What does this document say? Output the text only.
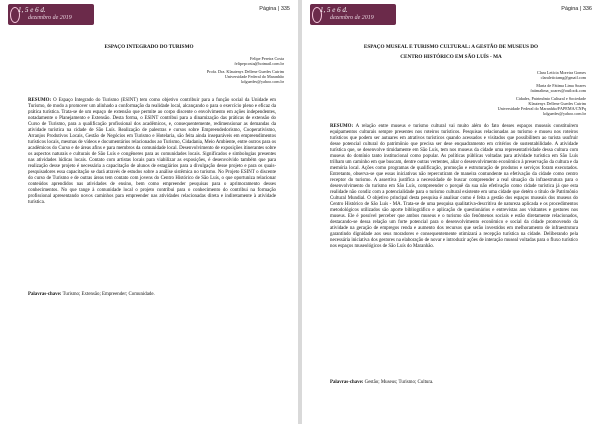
1, 5 e 6 d.
dezembro de 2019
Página | 335
ESPAÇO INTEGRADO DO TURISMO
Felipe Pereira Costa
felipepcosta@hotmail.com.br
Profa. Dra. Klautenys Dellene Guedes Cutrim
Universidade Federal do Maranhão
kdguedes@yahoo.com.br
RESUMO: O Espaço Integrado do Turismo (ESINT) tem como objetivo contribuir para a função social da Unidade em Turismo, de modo a promover um alinhado a conformação da realidade local, alcançando o para o exercício pleno e eficaz da prática turística. Trata-se de um espaço de extensão que permite ao corpo discente o envolvimento em ações independentes, notadamente o Planejamento e Extensão. Desta forma, o ESINT contribui para a dinamização das práticas de extensão do Curso de Turismo, para a qualificação profissional dos acadêmicos, e, consequentemente, redimensionar as demandas da atividade turística na cidade de São Luís. Realização de palestras e cursos sobre Empreendedorismo, Cooperativismo, Arranjos Produtivos Locais, Gestão de Negócios em Turismo e Hotelaria, são feita ainda inseparáveis em empreendimentos turísticos locais, mesmas de vídeos e documentários relacionados ao Turismo, Cidadania, Meio Ambiente, entre outros para os acadêmicos do Curso e de áreas afins e para membros da comunidade local. Desenvolvimento de exposições itinerantes sobre os aspectos naturais e culturais de São Luís e congêneres para as comunidades locais. Significados e simbologias presentes nas atividades lúdicas locais. Contato com artistas locais para viabilizar as exposições, é desenvolvido também que para realização desse projeto é necessária a capacitação de alunos de estagiários para a divulgação desse projeto e para os quais-pesquisadores essa capacitação se dará através de estudos sobre a análise sistêmica no turismo. No Projeto ESINT o discente do curso de Turismo e de outras áreas tem contato com jovens do Centro Histórico de São Luís, o que oportuniza relacionar conteúdos aprendidos nas atividades de ensino, bem como empreender pesquisas para o aprimoramento desses conhecimentos. No que tange à comunidade local o projeto contribui para o conhecimento do contribui na formação profissional apresentando novos caminhos para empreender nas atividades relacionadas direta e indiretamente à atividade turística.
Palavras-chave: Turismo; Extensão; Empreender; Comunidade.
1, 5 e 6 d.
dezembro de 2019
Página | 336
ESPAÇO MUSEAL E TURISMO CULTURAL: A GESTÃO DE MUSEUS DO
CENTRO HISTÓRICO EM SÃO LUÍS - MA
Clara Letícia Moreira Gomes
claraleticiamg@gmail.com
Maria de Fátima Lima Soares
fatimalima_soares@outlook.com
Cidades, Patrimônio Cultural e Sociedade
Klautenys Dellene Guedes Cutrim
Universidade Federal do Maranhão/FAPEMA/CNPq
kdguedes@yahoo.com.br
RESUMO: A relação entre museus e turismo cultural vai muito além do fato desses espaços museais constituírem equipamentos culturais sempre presentes nos roteiros turísticos. Pesquisas relacionadas ao turismo e museu nos roteiros turísticos que podem ser autuares em atrativos turísticos quando acessados e visitados que possibilitem ao turista usufruir desse potencial cultural do patrimônio que precisa ser dese enquadramento em critérios de sustentabilidade. A atividade turística que, se desenvolve timidamente em São Luís, tem nos museus da cidade uma representatividade dessa cultura com museus do domínio tanto institucional como popular. As políticas públicas voltadas para atividade turística em São Luís trilham um caminho em que buscam, dentre outras vertentes, aliar o desenvolvimento econômico à preservação da cultura e da memória local. Ações como programas de qualificação, promoção e estruturação de produtos e serviços foram executados. Entretanto, observa-se que essas iniciativas não repercutiram de maneira contundente na efetivação da cidade como centro receptor do turismo. A assertiva justifica a necessidade de buscar compreender a real situação da infraestrutura para o desenvolvimento do turismo em São Luís, compreender o porquê da sua não efetivação como cidade turística já que esta realidade não condiz com a potencialidade para o turismo cultural existente em uma cidade que detém o título de Patrimônio Cultural Mundial. O objetivo principal desta pesquisa é analisar como é feita a gestão dos espaços museais dos museus do Centro Histórico de São Luís - MA. Trata-se de uma pesquisa qualitativa-descritiva de natureza aplicada e os procedimentos metodológicos utilizados são aporte bibliográfico e aplicação de questionários e entrevistas aos visitantes e gestores nos museus. Ele é possível perceber que ambos museus e o turismo são fenômenos sociais e estão diretamente relacionados, destacando-se dessa relação um forte potencial para o desenvolvimento econômico e social da cidade promovendo da atividade na geração de empregos renda e aumento dos recursos que serão investidos em melhoramento de infraestrutura garantindo dignidade aos seus moradores e consequentemente otimizará a recepção turística na cidade. Deliberando pela necessária iniciativa dos gestores na elaboração de novar e introduzir ações de interação museal voltadas para o fluxo turístico nos espaços museológicos de São Luís do Maranhão.
Palavras-chave: Gestão; Museus; Turismo; Cultura.
